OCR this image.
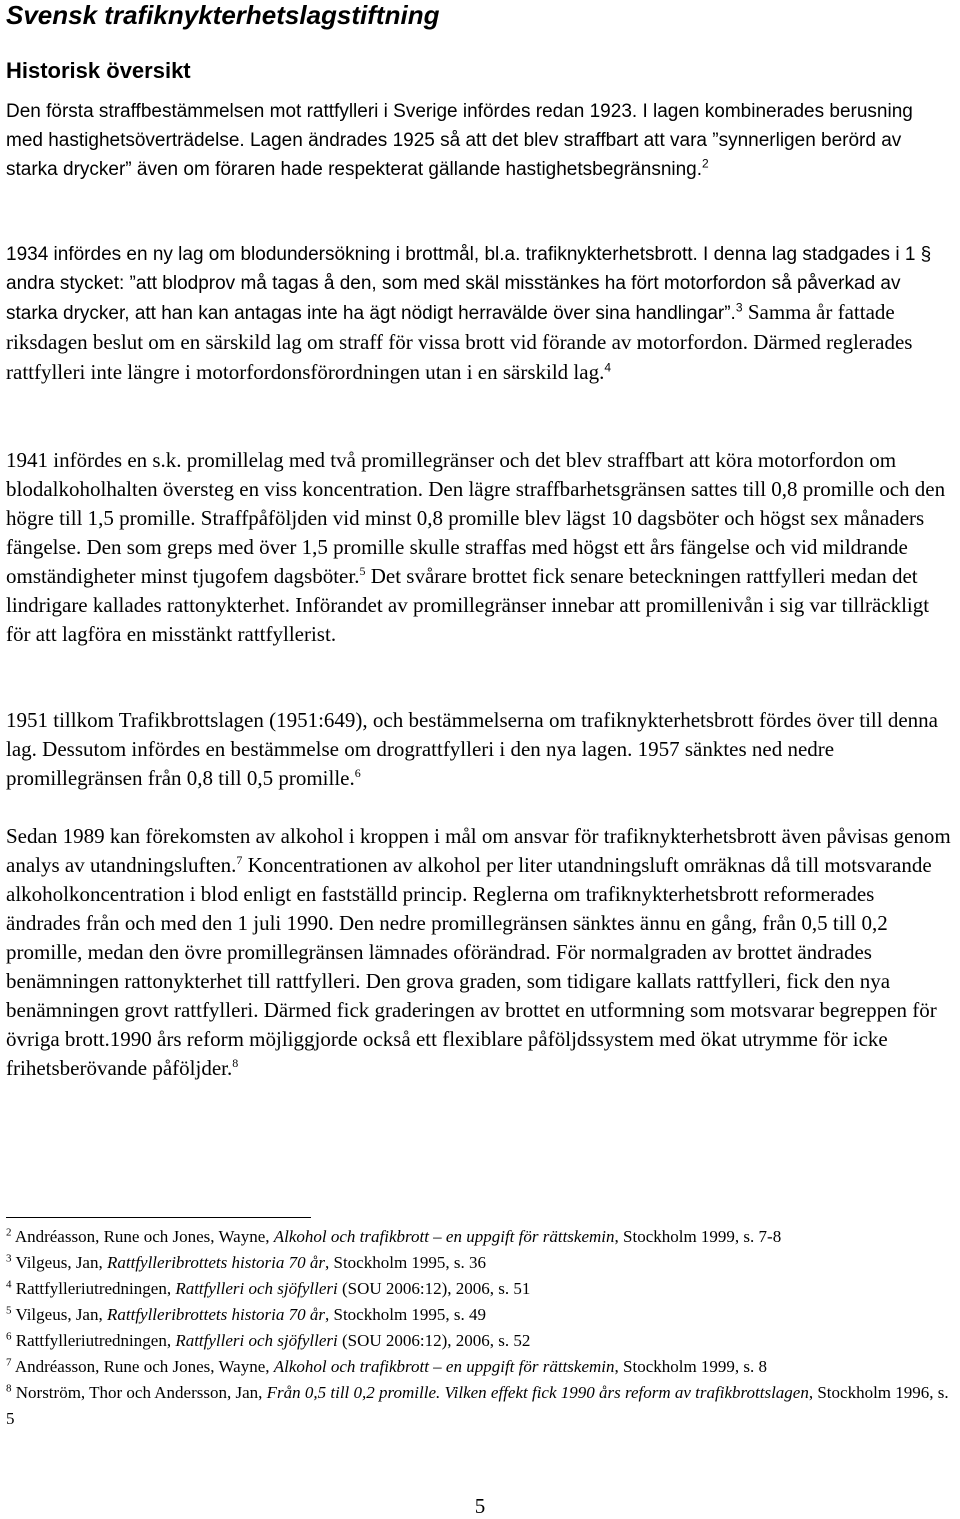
Svensk trafiknykterhetslagstiftning
Historisk översikt

Den första straffbestämmelsen mot rattfylleri i Sverige infördes redan 1923. I lagen kombinerades berusning med hastighetsöverträdelse. Lagen ändrades 1925 så att det blev straffbart att vara ”synnerligen berörd av starka drycker” även om föraren hade respekterat gällande hastighetsbegränsning.$^2$

1934 infördes en ny lag om blodundersökning i brottmål, bl.a. trafiknykterhetsbrott. I denna lag stadgades i 1 § andra stycket: ”att blodprov må tagas å den, som med skäl misstänkes ha fört motorfordon så påverkad av starka drycker, att han kan antagas inte ha ägt nödigt herravälde över sina handlingar”.$^3$ Samma år fattade riksdagen beslut om en särskild lag om straff för vissa brott vid förande av motorfordon. Därmed reglerades rattfylleri inte längre i motorfordonsförordningen utan i en särskild lag.$^4$

1941 infördes en s.k. promillelag med två promillegränser och det blev straffbart att köra motorfordon om blodalkoholhalten översteg en viss koncentration. Den lägre straffbarhetsgränsen sattes till 0,8 promille och den högre till 1,5 promille. Straffpåföljden vid minst 0,8 promille blev lägst 10 dagsböter och högst sex månaders fängelse. Den som greps med över 1,5 promille skulle straffas med högst ett års fängelse och vid mildrande omständigheter minst tjugofem dagsböter.$^5$ Det svårare brottet fick senare beteckningen rattfylleri medan det lindrigare kallades rattonykterhet. Införandet av promillegränser innebar att promillenivån i sig var tillräckligt för att lagföra en misstänkt rattfyllerist.

1951 tillkom Trafikbrottslagen (1951:649), och bestämmelserna om trafiknykterhetsbrott fördes över till denna lag. Dessutom infördes en bestämmelse om drograttfylleri i den nya lagen. 1957 sänktes ned nedre promillegränsen från 0,8 till 0,5 promille.$^6$

Sedan 1989 kan förekomsten av alkohol i kroppen i mål om ansvar för trafiknykterhetsbrott även påvisas genom analys av utandningsluften.$^7$ Koncentrationen av alkohol per liter utandningsluft omräknas då till motsvarande alkoholkoncentration i blod enligt en fastställd princip. Reglerna om trafiknykterhetsbrott reformerades ändrades från och med den 1 juli 1990. Den nedre promillegränsen sänktes ännu en gång, från 0,5 till 0,2 promille, medan den övre promillegränsen lämnades oförändrad. För normalgraden av brottet ändrades benämningen rattonykterhet till rattfylleri. Den grova graden, som tidigare kallats rattfylleri, fick den nya benämningen grovt rattfylleri. Därmed fick graderingen av brottet en utformning som motsvarar begreppen för övriga brott.1990 års reform möjliggjorde också ett flexiblare påföljdssystem med ökat utrymme för icke frihetsberövande påföljder.$^8$

$^2$ Andréasson, Rune och Jones, Wayne, Alkohol och trafikbrott – en uppgift för rättskemin, Stockholm 1999, s. 7-8

$^3$ Vilgeus, Jan, Rattfylleribrottets historia 70 år, Stockholm 1995, s. 36

$^4$ Rattfylleriutredningen, Rattfylleri och sjöfylleri (SOU 2006:12), 2006, s. 51

$^5$ Vilgeus, Jan, Rattfylleribrottets historia 70 år, Stockholm 1995, s. 49

$^6$ Rattfylleriutredningen, Rattfylleri och sjöfylleri (SOU 2006:12), 2006, s. 52

$^7$ Andréasson, Rune och Jones, Wayne, Alkohol och trafikbrott – en uppgift för rättskemin, Stockholm 1999, s. 8

$^8$ Norström, Thor och Andersson, Jan, Från 0,5 till 0,2 promille. Vilken effekt fick 1990 års reform av trafikbrottslagen, Stockholm 1996, s. 5

5
